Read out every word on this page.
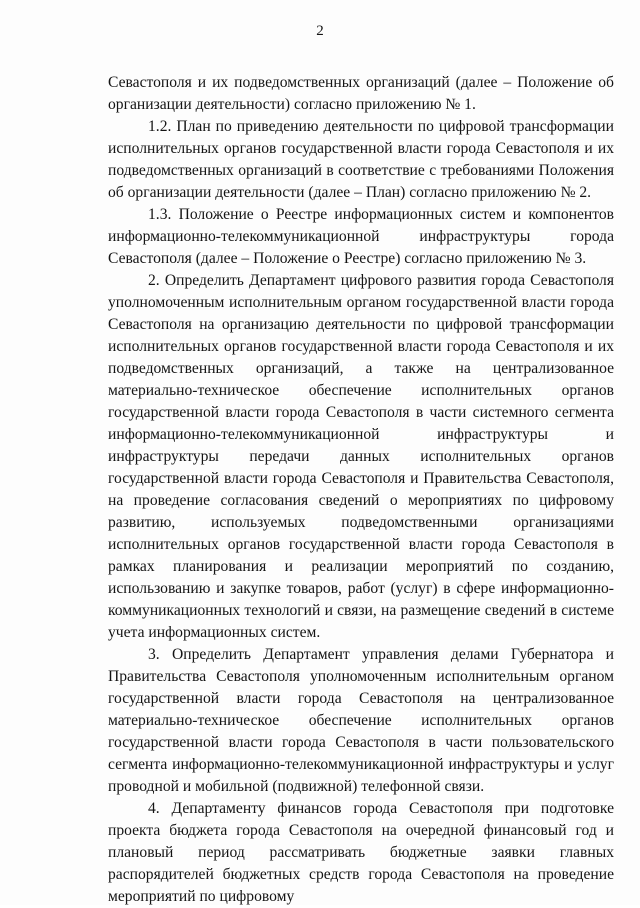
2

Севастополя и их подведомственных организаций (далее – Положение об организации деятельности) согласно приложению № 1.

1.2. План по приведению деятельности по цифровой трансформации исполнительных органов государственной власти города Севастополя и их подведомственных организаций в соответствие с требованиями Положения об организации деятельности (далее – План) согласно приложению № 2.

1.3. Положение о Реестре информационных систем и компонентов информационно-телекоммуникационной инфраструктуры города Севастополя (далее – Положение о Реестре) согласно приложению № 3.

2. Определить Департамент цифрового развития города Севастополя уполномоченным исполнительным органом государственной власти города Севастополя на организацию деятельности по цифровой трансформации исполнительных органов государственной власти города Севастополя и их подведомственных организаций, а также на централизованное материально-техническое обеспечение исполнительных органов государственной власти города Севастополя в части системного сегмента информационно-телекоммуникационной инфраструктуры и инфраструктуры передачи данных исполнительных органов государственной власти города Севастополя и Правительства Севастополя, на проведение согласования сведений о мероприятиях по цифровому развитию, используемых подведомственными организациями исполнительных органов государственной власти города Севастополя в рамках планирования и реализации мероприятий по созданию, использованию и закупке товаров, работ (услуг) в сфере информационно-коммуникационных технологий и связи, на размещение сведений в системе учета информационных систем.

3. Определить Департамент управления делами Губернатора и Правительства Севастополя уполномоченным исполнительным органом государственной власти города Севастополя на централизованное материально-техническое обеспечение исполнительных органов государственной власти города Севастополя в части пользовательского сегмента информационно-телекоммуникационной инфраструктуры и услуг проводной и мобильной (подвижной) телефонной связи.

4. Департаменту финансов города Севастополя при подготовке проекта бюджета города Севастополя на очередной финансовый год и плановый период рассматривать бюджетные заявки главных распорядителей бюджетных средств города Севастополя на проведение мероприятий по цифровому
